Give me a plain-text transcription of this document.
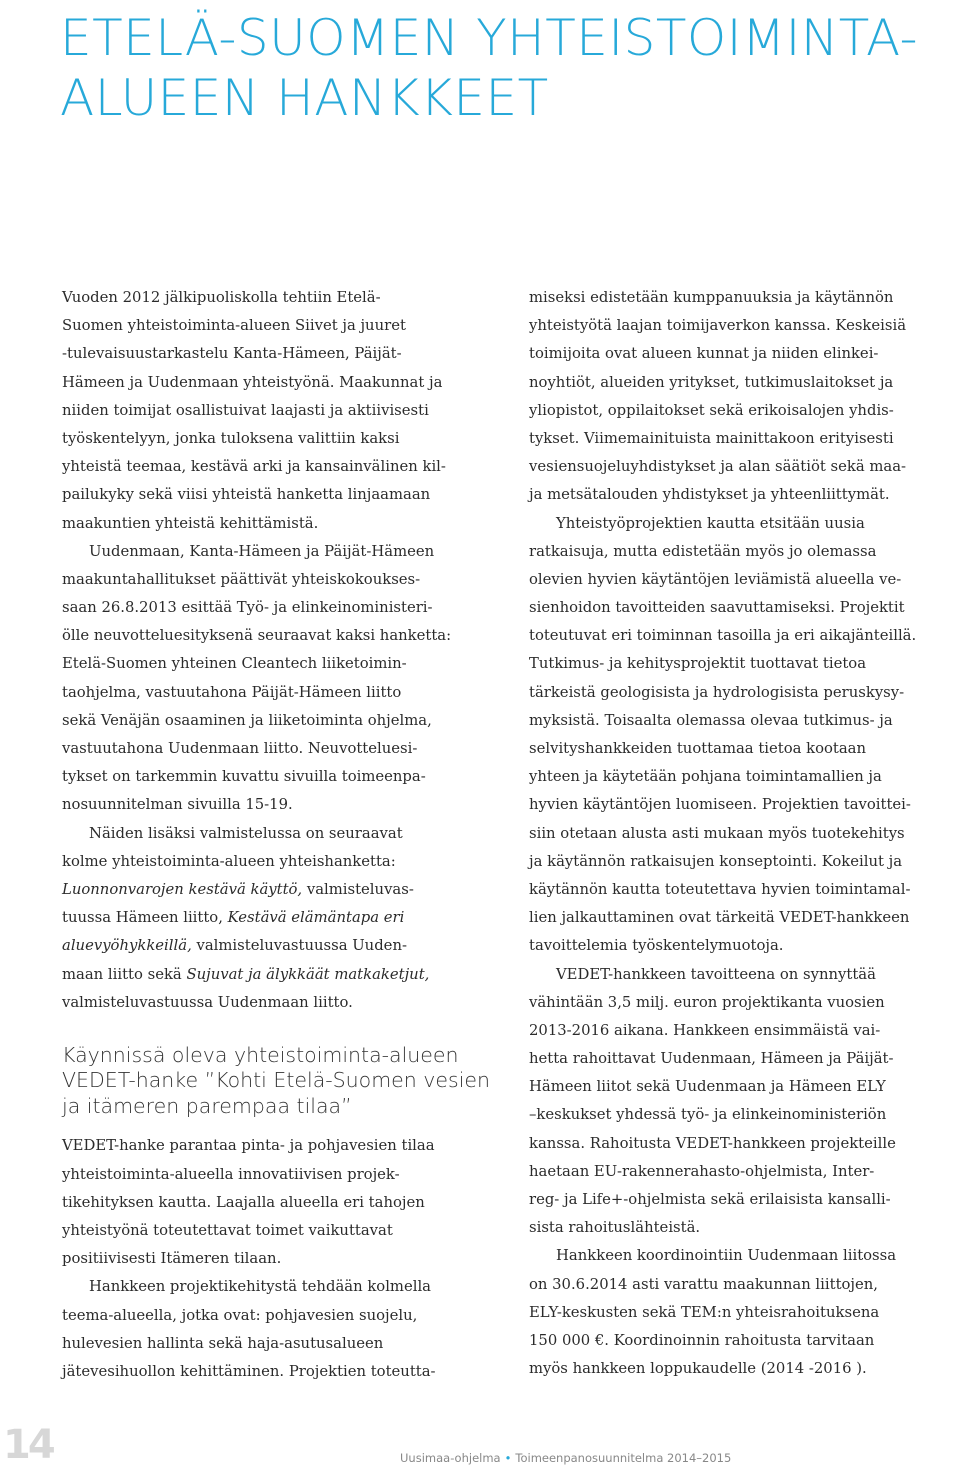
ETELÄ-SUOMEN YHTEISTOIMINTA-
ALUEEN HANKKEET
Vuoden 2012 jälkipuoliskolla tehtiin Etelä-
Suomen yhteistoiminta-alueen Siivet ja juuret
-tulevaisuustarkastelu Kanta-Hämeen, Päijät-
Hämeen ja Uudenmaan yhteistyönä. Maakunnat ja
niiden toimijat osallistuivat laajasti ja aktiivisesti
työskentelyyn, jonka tuloksena valittiin kaksi
yhteistä teemaa, kestävä arki ja kansainvälinen kil-
pailukyky sekä viisi yhteistä hanketta linjaamaan
maakuntien yhteistä kehittämistä.
Uudenmaan, Kanta-Hämeen ja Päijät-Hämeen
maakuntahallitukset päättivät yhteiskokoukses-
saan 26.8.2013 esittää Työ- ja elinkeinoministeri-
ölle neuvotteluesityksenä seuraavat kaksi hanketta:
Etelä-Suomen yhteinen Cleantech liiketoimin-
taohjelma, vastuutahona Päijät-Hämeen liitto
sekä Venäjän osaaminen ja liiketoiminta ohjelma,
vastuutahona Uudenmaan liitto. Neuvotteluesi-
tykset on tarkemmin kuvattu sivuilla toimeenpa-
nosuunnitelman sivuilla 15-19.
Näiden lisäksi valmistelussa on seuraavat
kolme yhteistoiminta-alueen yhteishanketta:
Luonnonvarojen kestävä käyttö, valmisteluvas-
tuussa Hämeen liitto, Kestävä elämäntapa eri
aluevyöhykkeillä, valmisteluvastuussa Uuden-
maan liitto sekä Sujuvat ja älykkäät matkaketjut,
valmisteluvastuussa Uudenmaan liitto.
Käynnissä oleva yhteistoiminta-alueen
VEDET-hanke ”Kohti Etelä-Suomen vesien
ja itämeren parempaa tilaa”
VEDET-hanke parantaa pinta- ja pohjavesien tilaa
yhteistoiminta-alueella innovatiivisen projek-
tikehityksen kautta. Laajalla alueella eri tahojen
yhteistyönä toteutettavat toimet vaikuttavat
positiivisesti Itämeren tilaan.
Hankkeen projektikehitystä tehdään kolmella
teema-alueella, jotka ovat: pohjavesien suojelu,
hulevesien hallinta sekä haja-asutusalueen
jätevesihuollon kehittäminen. Projektien toteutta-
miseksi edistetään kumppanuuksia ja käytännön
yhteistyötä laajan toimijaverkon kanssa. Keskeisiä
toimijoita ovat alueen kunnat ja niiden elinkei-
noyhtiöt, alueiden yritykset, tutkimuslaitokset ja
yliopistot, oppilaitokset sekä erikoisalojen yhdis-
tykset. Viimemainituista mainittakoon erityisesti
vesiensuojeluyhdistykset ja alan säätiöt sekä maa-
ja metsätalouden yhdistykset ja yhteenliittymät.
Yhteistyöprojektien kautta etsitään uusia
ratkaisuja, mutta edistetään myös jo olemassa
olevien hyvien käytäntöjen leviämistä alueella ve-
sienhoidon tavoitteiden saavuttamiseksi. Projektit
toteutuvat eri toiminnan tasoilla ja eri aikajänteillä.
Tutkimus- ja kehitysprojektit tuottavat tietoa
tärkeistä geologisista ja hydrologisista peruskysy-
myksistä. Toisaalta olemassa olevaa tutkimus- ja
selvityshankkeiden tuottamaa tietoa kootaan
yhteen ja käytetään pohjana toimintamallien ja
hyvien käytäntöjen luomiseen. Projektien tavoittei-
siin otetaan alusta asti mukaan myös tuotekehitys
ja käytännön ratkaisujen konseptointi. Kokeilut ja
käytännön kautta toteutettava hyvien toimintamal-
lien jalkauttaminen ovat tärkeitä VEDET-hankkeen
tavoittelemia työskentelymuotoja.
VEDET-hankkeen tavoitteena on synnyttää
vähintään 3,5 milj. euron projektikanta vuosien
2013-2016 aikana. Hankkeen ensimmäistä vai-
hetta rahoittavat Uudenmaan, Hämeen ja Päijät-
Hämeen liitot sekä Uudenmaan ja Hämeen ELY
–keskukset yhdessä työ- ja elinkeinoministeriön
kanssa. Rahoitusta VEDET-hankkeen projekteille
haetaan EU-rakennerahasto-ohjelmista, Inter-
reg- ja Life+-ohjelmista sekä erilaisista kansalli-
sista rahoituslähteistä.
Hankkeen koordinointiin Uudenmaan liitossa
on 30.6.2014 asti varattu maakunnan liittojen,
ELY-keskusten sekä TEM:n yhteisrahoituksena
150 000 €. Koordinoinnin rahoitusta tarvitaan
myös hankkeen loppukaudelle (2014 -2016 ).
14	Uusimaa-ohjelma • Toimeenpanosuunnitelma 2014–2015
